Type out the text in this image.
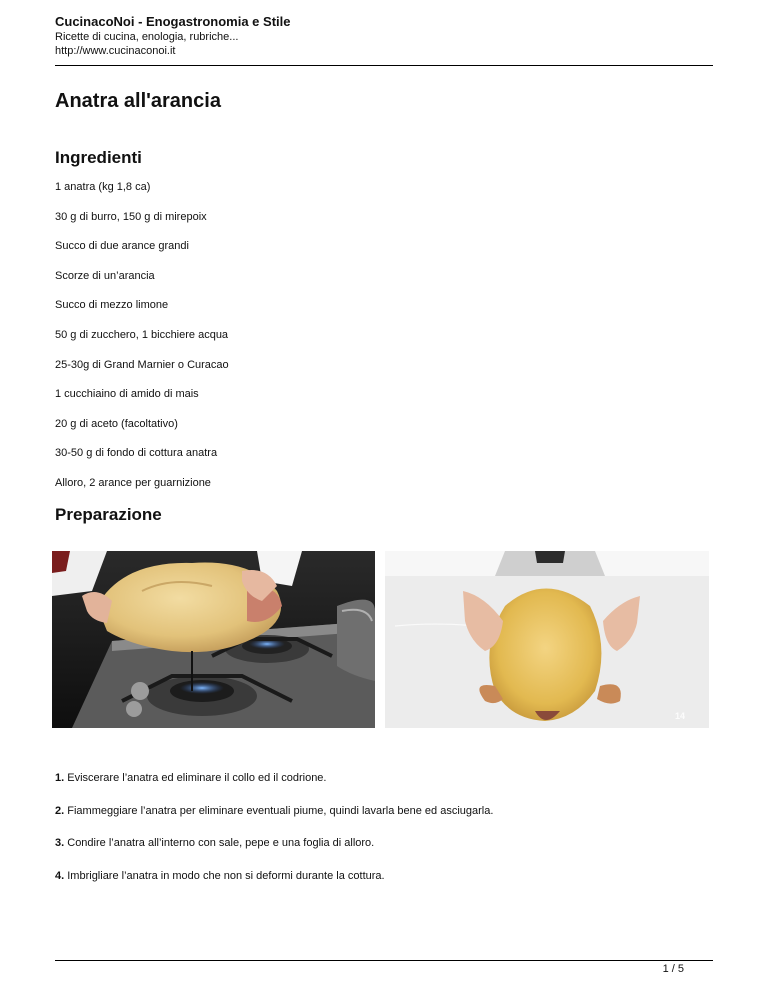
CucinacoNoi - Enogastronomia e Stile
Ricette di cucina, enologia, rubriche...
http://www.cucinaconoi.it
Anatra all'arancia
Ingredienti
1 anatra (kg 1,8 ca)
30 g di burro, 150 g di mirepoix
Succo di due arance grandi
Scorze di un’arancia
Succo di mezzo limone
50 g di zucchero, 1 bicchiere acqua
25-30g di Grand Marnier o Curacao
1 cucchiaino di amido di mais
20 g di aceto (facoltativo)
30-50 g di fondo di cottura anatra
Alloro, 2 arance per guarnizione
Preparazione
14
1. Eviscerare l’anatra ed eliminare il collo ed il codrione.
2. Fiammeggiare l’anatra per eliminare eventuali piume, quindi lavarla bene ed asciugarla.
3. Condire l’anatra all’interno con sale, pepe e una foglia di alloro.
4. Imbrigliare l’anatra in modo che non si deformi durante la cottura.
1 / 5
